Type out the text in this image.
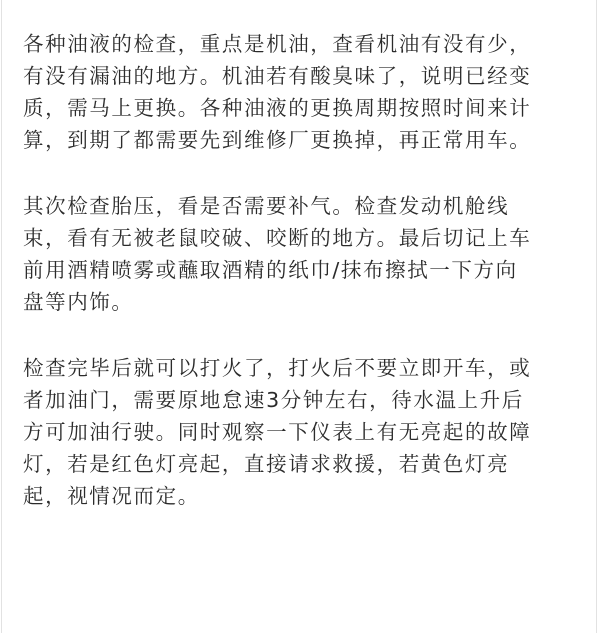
各种油液的检查，重点是机油，查看机油有没有少，
有没有漏油的地方。机油若有酸臭味了，说明已经变
质，需马上更换。各种油液的更换周期按照时间来计
算，到期了都需要先到维修厂更换掉，再正常用车。
其次检查胎压，看是否需要补气。检查发动机舱线
束，看有无被老鼠咬破、咬断的地方。最后切记上车
前用酒精喷雾或蘸取酒精的纸巾/抹布擦拭一下方向
盘等内饰。
检查完毕后就可以打火了，打火后不要立即开车，或
者加油门，需要原地怠速3分钟左右，待水温上升后
方可加油行驶。同时观察一下仪表上有无亮起的故障
灯，若是红色灯亮起，直接请求救援，若黄色灯亮
起，视情况而定。
